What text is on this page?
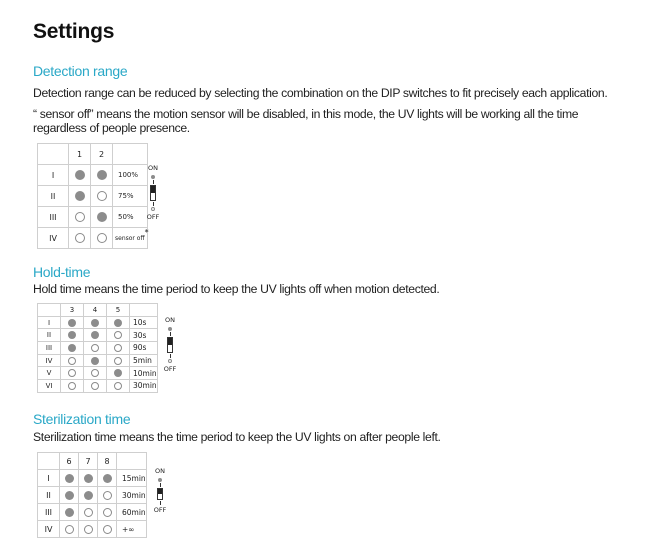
Settings
Detection range
Detection range can be reduced by selecting the combination on the DIP switches to fit precisely each application.
“ sensor off” means the motion sensor will be disabled, in this mode, the UV lights will be working all the time regardless of people presence.
	1	2	
I			100%
II			75%
III			50%
IV			sensor off
*
ON
OFF
Hold-time
Hold time means the time period to keep the UV lights off when motion detected.
	3	4	5	
I				10s
II				30s
III				90s
IV				5min
V				10min
VI				30min
ON
OFF
Sterilization time
Sterilization time means the time period to keep the UV lights on after people left.
	6	7	8	
I				15min
II				30min
III				60min
IV				+∞
ON
OFF
